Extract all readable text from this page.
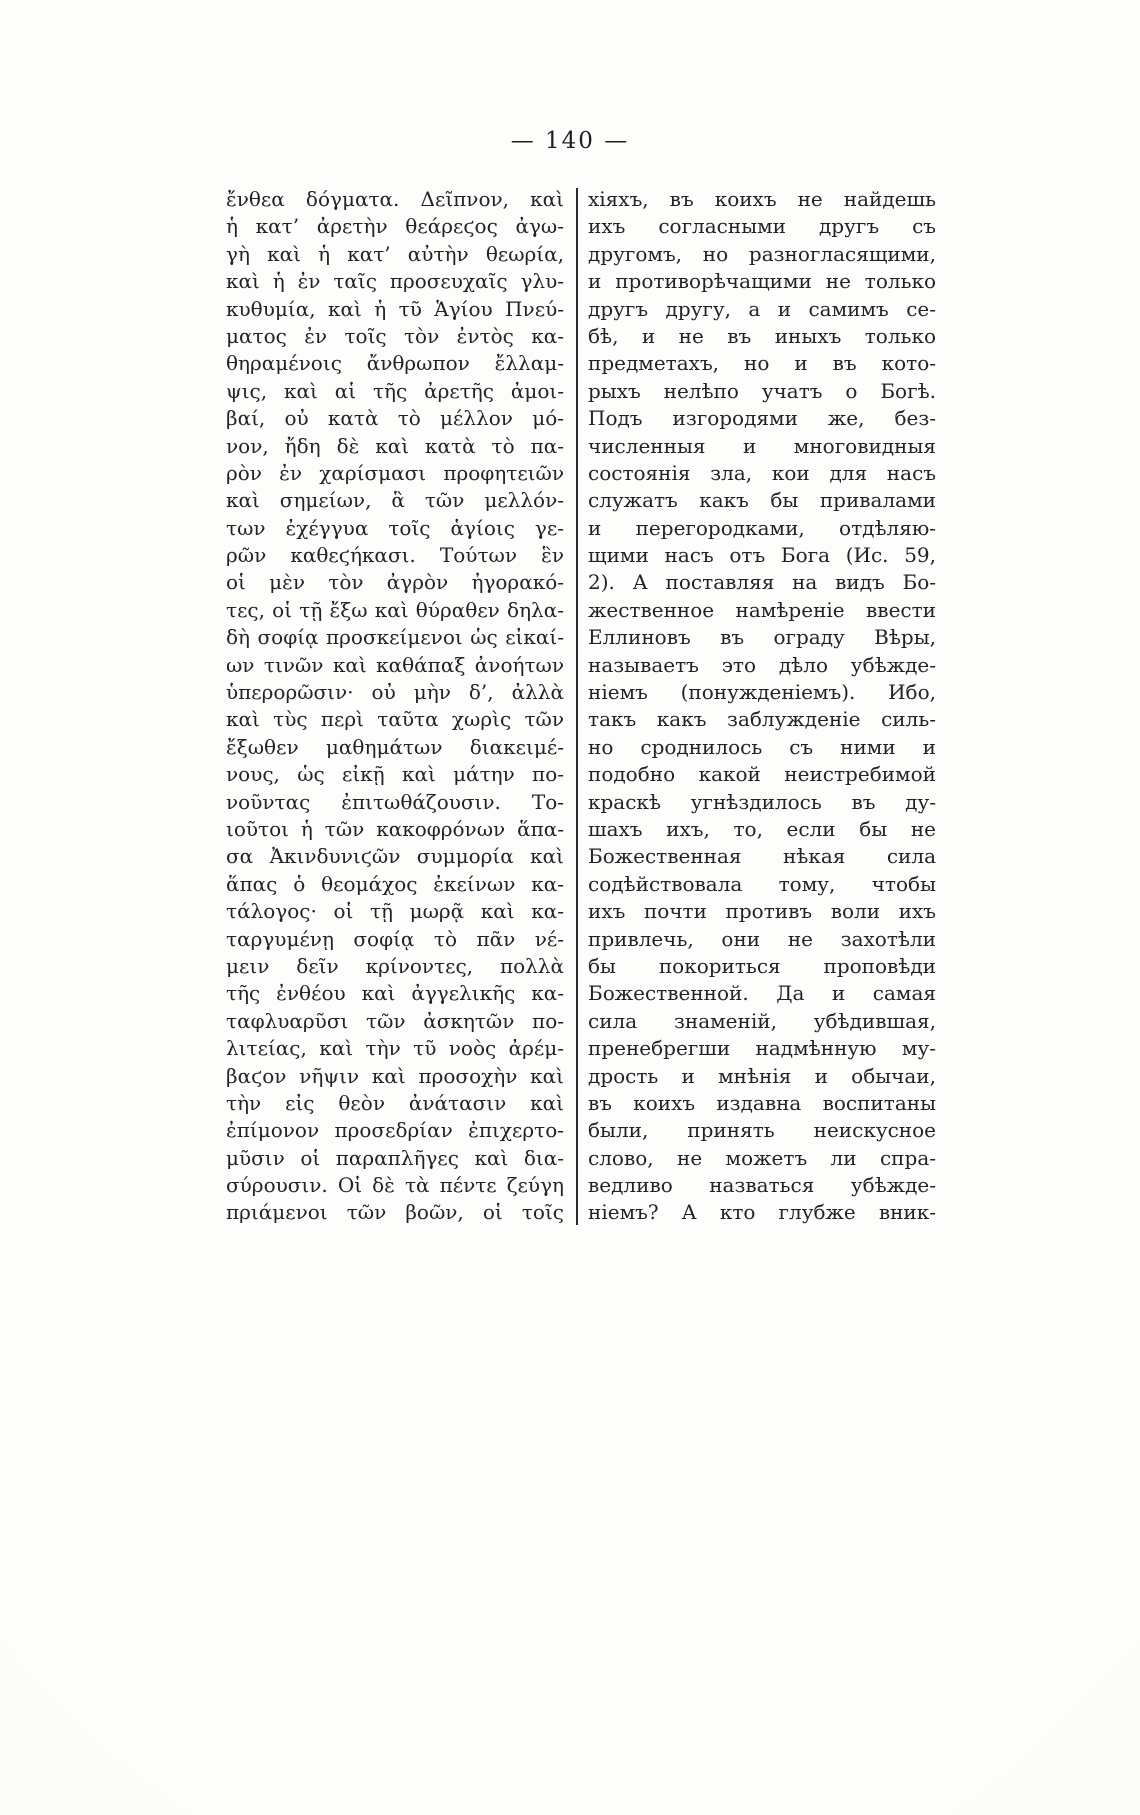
— 140 —
ἔνθεα δόγματα. Δεῖπνον, καὶ
ἡ κατ’ ἀρετὴν θεάρεϛος ἀγω-
γὴ καὶ ἡ κατ’ αὐτὴν θεωρία,
καὶ ἡ ἐν ταῖς προσευχαῖς γλυ-
κυθυμία, καὶ ἡ τῦ Ἁγίου Πνεύ-
ματος ἐν τοῖς τὸν ἐντὸς κα-
θηραμένοις ἄνθρωπον ἔλλαμ-
ψις, καὶ αἱ τῆς ἀρετῆς ἀμοι-
βαί, οὐ κατὰ τὸ μέλλον μό-
νον, ἤδη δὲ καὶ κατὰ τὸ πα-
ρὸν ἐν χαρίσμασι προφητειῶν
καὶ σημείων, ἃ τῶν μελλόν-
των ἐχέγγυα τοῖς ἁγίοις γε-
ρῶν καθεϛήκασι. Τούτων ἓν
οἱ μὲν τὸν ἀγρὸν ἠγορακό-
τες, οἱ τῇ ἔξω καὶ θύραθεν δηλα-
δὴ σοφίᾳ προσκείμενοι ὡς εἰκαί-
ων τινῶν καὶ καθάπαξ ἀνοήτων
ὑπερορῶσιν· οὐ μὴν δ’, ἀλλὰ
καὶ τὺς περὶ ταῦτα χωρὶς τῶν
ἔξωθεν μαθημάτων διακειμέ-
νους, ὡς εἰκῇ καὶ μάτην πο-
νοῦντας ἐπιτωθάζουσιν. Το-
ιοῦτοι ἡ τῶν κακοφρόνων ἅπα-
σα Ἀκινδυνιϛῶν συμμορία καὶ
ἅπας ὁ θεομάχος ἐκείνων κα-
τάλογος· οἱ τῇ μωρᾷ καὶ κα-
ταργυμένῃ σοφίᾳ τὸ πᾶν νέ-
μειν δεῖν κρίνοντες, πολλὰ
τῆς ἐνθέου καὶ ἀγγελικῆς κα-
ταφλυαρῦσι τῶν ἀσκητῶν πο-
λιτείας, καὶ τὴν τῦ νοὸς ἀρέμ-
βαϛον νῆψιν καὶ προσοχὴν καὶ
τὴν εἰς θεὸν ἀνάτασιν καὶ
ἐπίμονον προσεδρίαν ἐπιχερτο-
μῦσιν οἱ παραπλῆγες καὶ δια-
σύρουσιν. Οἱ δὲ τὰ πέντε ζεύγη
πριάμενοι τῶν βοῶν, οἱ τοῖς
хіяхъ, въ коихъ не найдешь
ихъ согласными другъ съ
другомъ, но разногласящими,
и противорѣчащими не только
другъ другу, а и самимъ се-
бѣ, и не въ иныхъ только
предметахъ, но и въ кото-
рыхъ нелѣпо учатъ о Богѣ.
Подъ изгородями же, без-
численныя и многовидныя
состоянія зла, кои для насъ
служатъ какъ бы привалами
и перегородками, отдѣляю-
щими насъ отъ Бога (Ис. 59,
2). А поставляя на видъ Бо-
жественное намѣреніе ввести
Еллиновъ въ ограду Вѣры,
называетъ это дѣло убѣжде-
ніемъ (понужденіемъ). Ибо,
такъ какъ заблужденіе силь-
но сроднилось съ ними и
подобно какой неистребимой
краскѣ угнѣздилось въ ду-
шахъ ихъ, то, если бы не
Божественная нѣкая сила
содѣйствовала тому, чтобы
ихъ почти противъ воли ихъ
привлечь, они не захотѣли
бы покориться проповѣди
Божественной. Да и самая
сила знаменій, убѣдившая,
пренебрегши надмѣнную му-
дрость и мнѣнія и обычаи,
въ коихъ издавна воспитаны
были, принять неискусное
слово, не можетъ ли спра-
ведливо назваться убѣжде-
ніемъ? А кто глубже вник-
